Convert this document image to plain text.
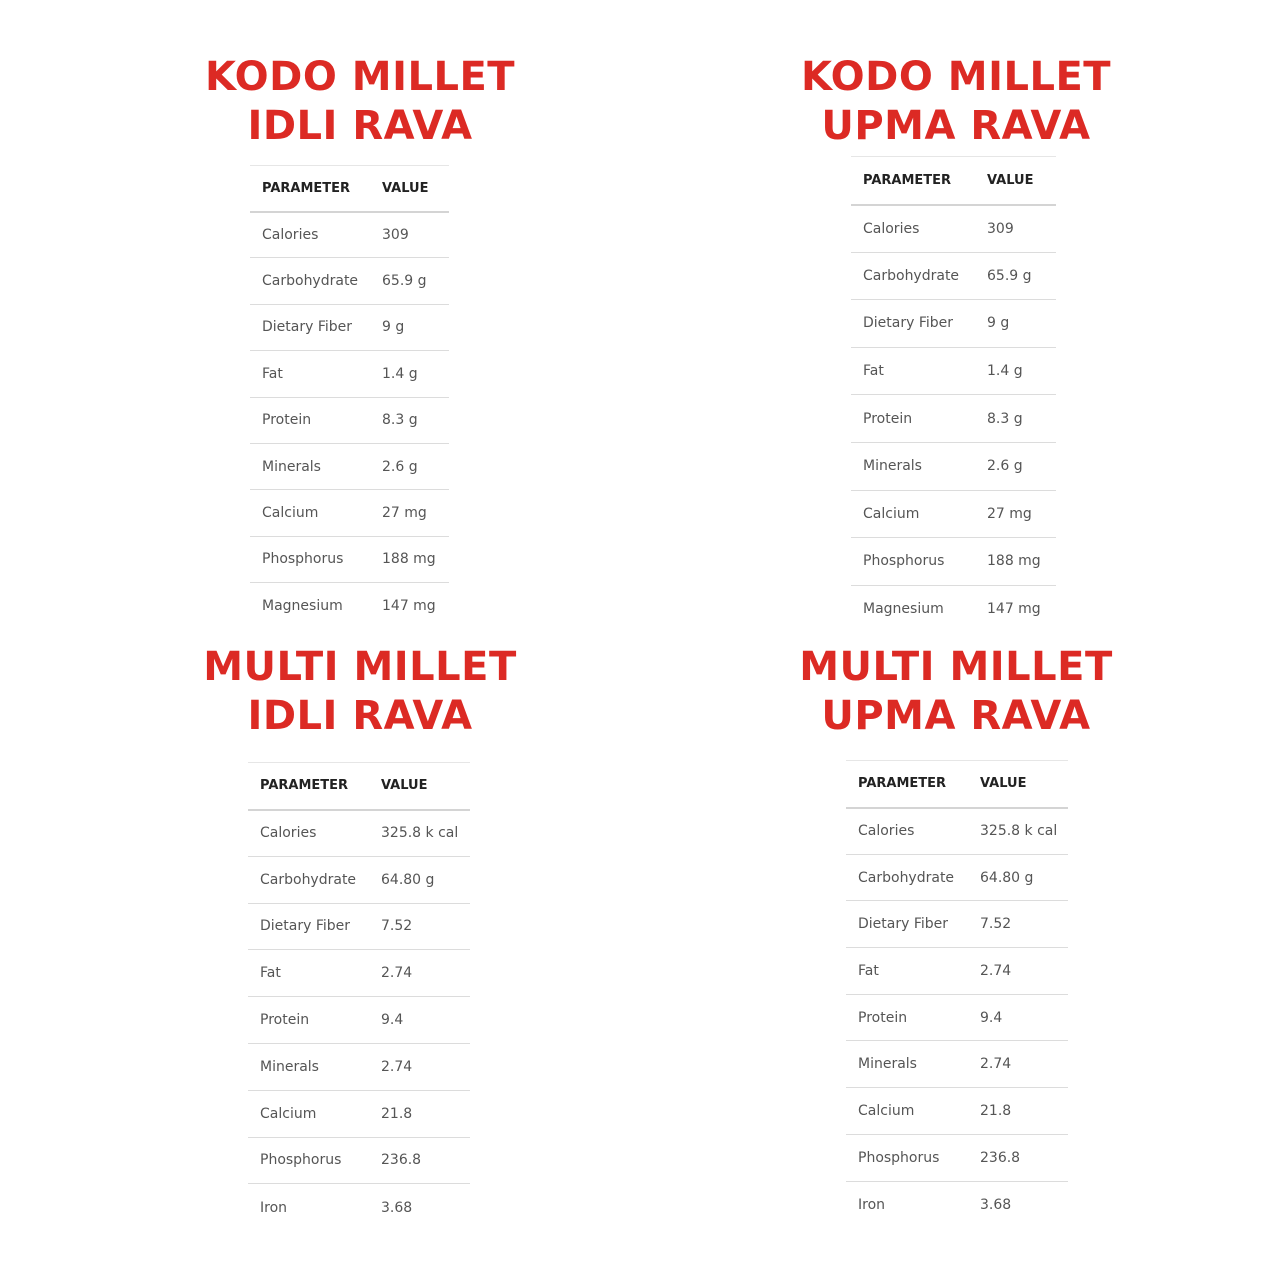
KODO MILLET
IDLI RAVA
PARAMETER	VALUE
Calories	309
Carbohydrate	65.9 g
Dietary Fiber	9 g
Fat	1.4 g
Protein	8.3 g
Minerals	2.6 g
Calcium	27 mg
Phosphorus	188 mg
Magnesium	147 mg
KODO MILLET
UPMA RAVA
PARAMETER	VALUE
Calories	309
Carbohydrate	65.9 g
Dietary Fiber	9 g
Fat	1.4 g
Protein	8.3 g
Minerals	2.6 g
Calcium	27 mg
Phosphorus	188 mg
Magnesium	147 mg
MULTI MILLET
IDLI RAVA
PARAMETER	VALUE
Calories	325.8 k cal
Carbohydrate	64.80 g
Dietary Fiber	7.52
Fat	2.74
Protein	9.4
Minerals	2.74
Calcium	21.8
Phosphorus	236.8
Iron	3.68
MULTI MILLET
UPMA RAVA
PARAMETER	VALUE
Calories	325.8 k cal
Carbohydrate	64.80 g
Dietary Fiber	7.52
Fat	2.74
Protein	9.4
Minerals	2.74
Calcium	21.8
Phosphorus	236.8
Iron	3.68
